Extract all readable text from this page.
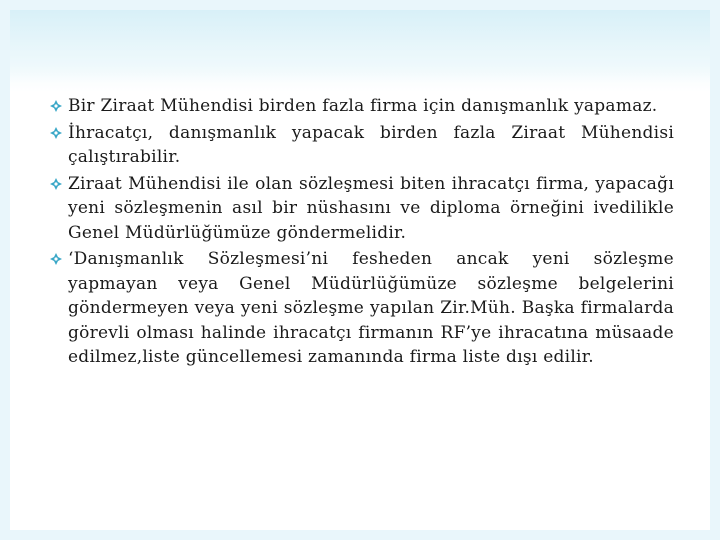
Bir Ziraat Mühendisi birden fazla firma için danışmanlık yapamaz.
İhracatçı, danışmanlık yapacak birden fazla Ziraat Mühendisi çalıştırabilir.
Ziraat Mühendisi ile olan sözleşmesi biten ihracatçı firma, yapacağı yeni sözleşmenin asıl bir nüshasını ve diploma örneğini ivedilikle Genel Müdürlüğümüze göndermelidir.
‘Danışmanlık Sözleşmesi’ni fesheden ancak yeni sözleşme yapmayan veya Genel Müdürlüğümüze sözleşme belgelerini göndermeyen veya yeni sözleşme yapılan Zir.Müh. Başka firmalarda görevli olması halinde ihracatçı firmanın RF’ye ihracatına müsaade edilmez,liste güncellemesi zamanında firma liste dışı edilir.
